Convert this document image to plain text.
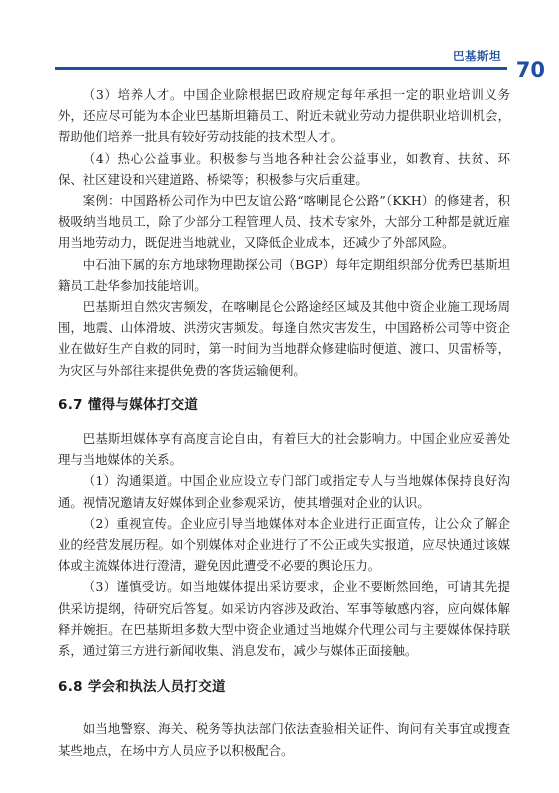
巴基斯坦
70

（3）培养人才。中国企业除根据巴政府规定每年承担一定的职业培训义务外，还应尽可能为本企业巴基斯坦籍员工、附近未就业劳动力提供职业培训机会，帮助他们培养一批具有较好劳动技能的技术型人才。

（4）热心公益事业。积极参与当地各种社会公益事业，如教育、扶贫、环保、社区建设和兴建道路、桥梁等；积极参与灾后重建。

案例：中国路桥公司作为中巴友谊公路“喀喇昆仑公路”（KKH）的修建者，积极吸纳当地员工，除了少部分工程管理人员、技术专家外，大部分工种都是就近雇用当地劳动力，既促进当地就业，又降低企业成本，还减少了外部风险。

中石油下属的东方地球物理勘探公司（BGP）每年定期组织部分优秀巴基斯坦籍员工赴华参加技能培训。

巴基斯坦自然灾害频发，在喀喇昆仑公路途经区域及其他中资企业施工现场周围，地震、山体滑坡、洪涝灾害频发。每逢自然灾害发生，中国路桥公司等中资企业在做好生产自救的同时，第一时间为当地群众修建临时便道、渡口、贝雷桥等，为灾区与外部往来提供免费的客货运输便利。

6.7 懂得与媒体打交道

巴基斯坦媒体享有高度言论自由，有着巨大的社会影响力。中国企业应妥善处理与当地媒体的关系。

（1）沟通渠道。中国企业应设立专门部门或指定专人与当地媒体保持良好沟通。视情况邀请友好媒体到企业参观采访，使其增强对企业的认识。

（2）重视宣传。企业应引导当地媒体对本企业进行正面宣传，让公众了解企业的经营发展历程。如个别媒体对企业进行了不公正或失实报道，应尽快通过该媒体或主流媒体进行澄清，避免因此遭受不必要的舆论压力。

（3）谨慎受访。如当地媒体提出采访要求，企业不要断然回绝，可请其先提供采访提纲，待研究后答复。如采访内容涉及政治、军事等敏感内容，应向媒体解释并婉拒。在巴基斯坦多数大型中资企业通过当地媒介代理公司与主要媒体保持联系，通过第三方进行新闻收集、消息发布，减少与媒体正面接触。

6.8 学会和执法人员打交道

如当地警察、海关、税务等执法部门依法查验相关证件、询问有关事宜或搜查某些地点，在场中方人员应予以积极配合。
